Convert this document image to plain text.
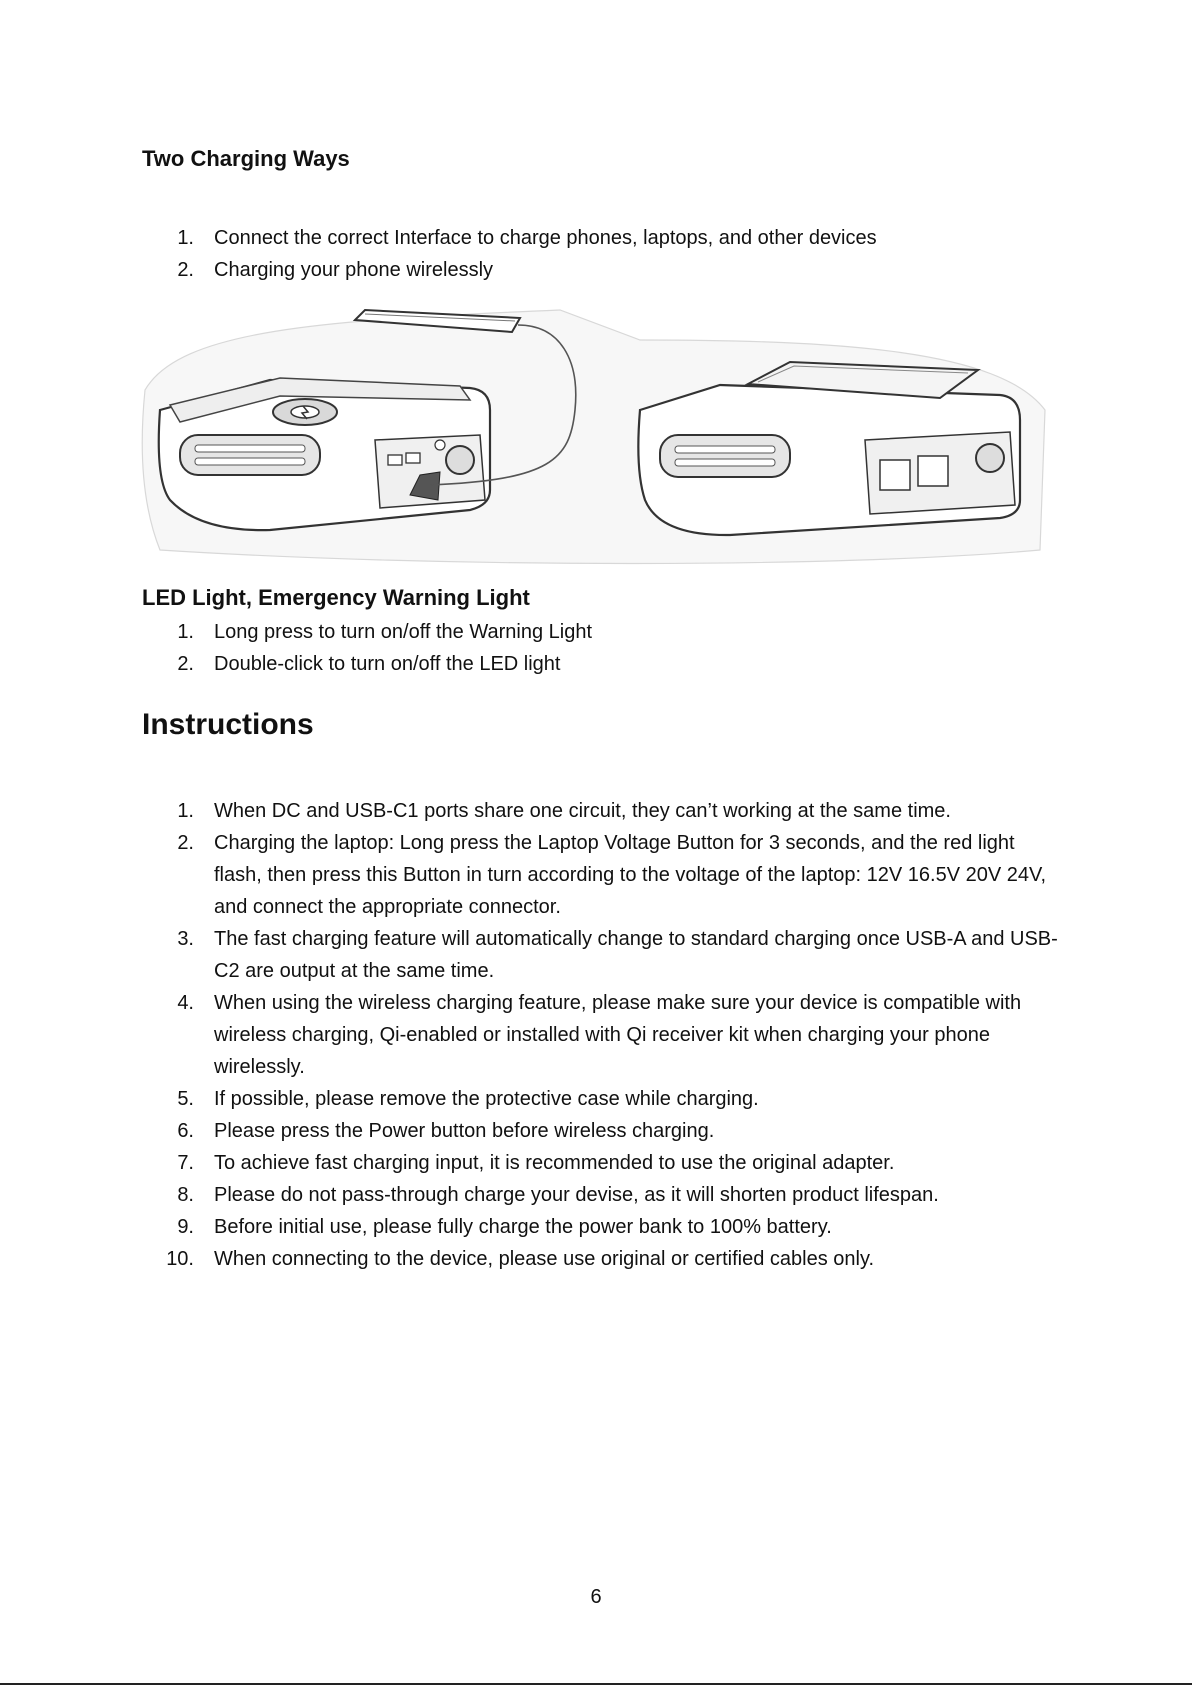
Two Charging Ways
1. Connect the correct Interface to charge phones, laptops, and other devices
2. Charging your phone wirelessly
LED Light, Emergency Warning Light
1. Long press to turn on/off the Warning Light
2. Double-click to turn on/off the LED light
Instructions
1. When DC and USB-C1 ports share one circuit, they can’t working at the same time.
2. Charging the laptop: Long press the Laptop Voltage Button for 3 seconds, and the red light flash, then press this Button in turn according to the voltage of the laptop: 12V 16.5V 20V 24V, and connect the appropriate connector.
3. The fast charging feature will automatically change to standard charging once USB-A and USB-C2 are output at the same time.
4. When using the wireless charging feature, please make sure your device is compatible with wireless charging, Qi-enabled or installed with Qi receiver kit when charging your phone wirelessly.
5. If possible, please remove the protective case while charging.
6. Please press the Power button before wireless charging.
7. To achieve fast charging input, it is recommended to use the original adapter.
8. Please do not pass-through charge your devise, as it will shorten product lifespan.
9. Before initial use, please fully charge the power bank to 100% battery.
10. When connecting to the device, please use original or certified cables only.
6
